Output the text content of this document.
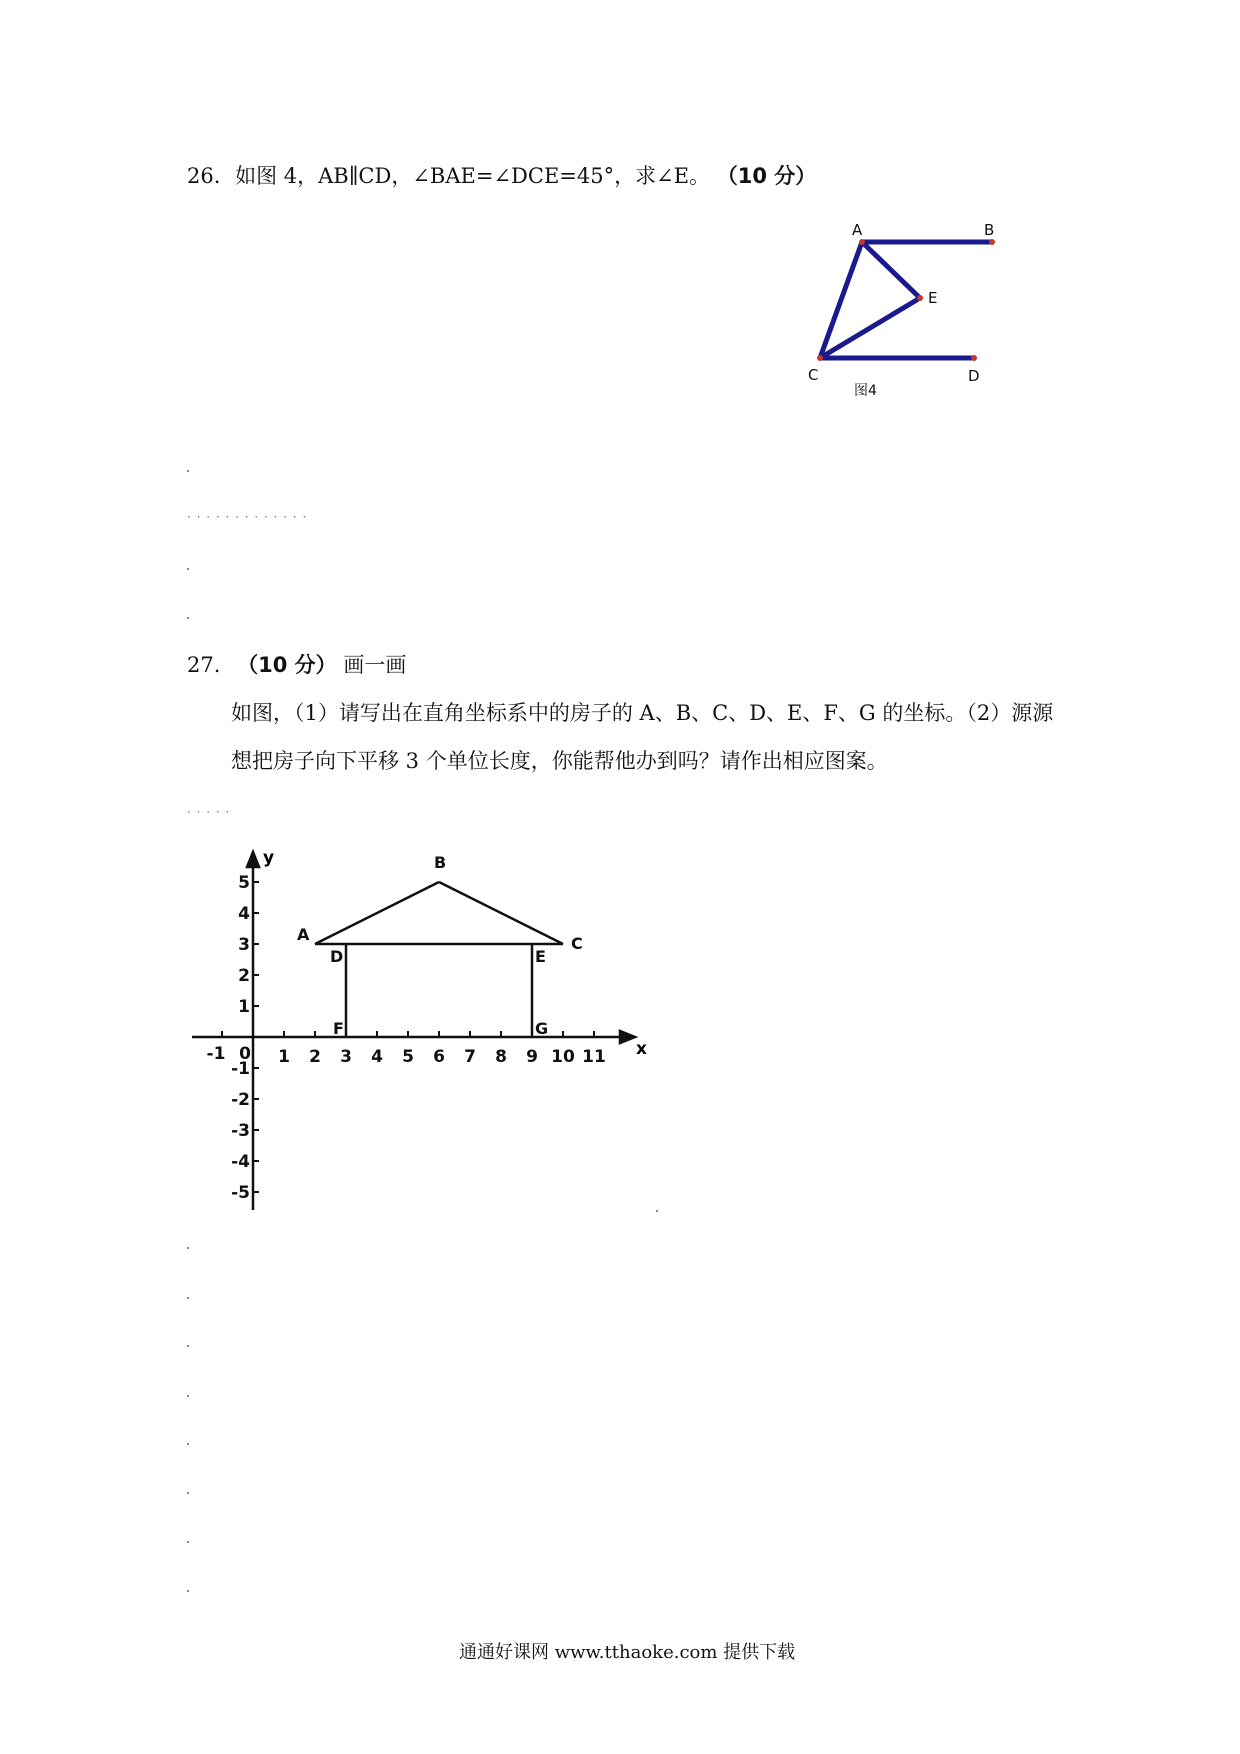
26. 如图 4，AB∥CD，∠BAE=∠DCE=45°，求∠E。 （10 分）
A	B
E
C	D
图4
· · · · · · · · · · · · ·
27. （10 分） 画一画
如图，（1）请写出在直角坐标系中的房子的 A、B、C、D、E、F、G 的坐标。（2）源源
想把房子向下平移 3 个单位长度，你能帮他办到吗？请作出相应图案。
· · · · ·
-1 0 1 2 3 4 5 6 7 8 9 10 11
5
4
3
2
1
-1
-2
-3
-4
-5
x
y
A
B
C
D	E
F	G
通通好课网 www.tthaoke.com 提供下载
